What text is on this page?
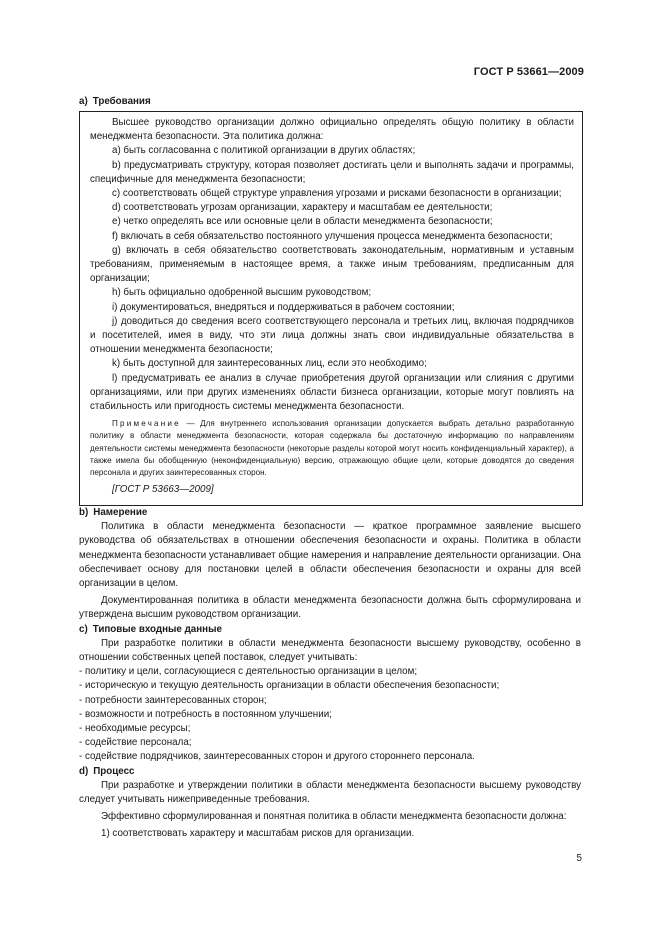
ГОСТ Р 53661—2009
а) Требования

Высшее руководство организации должно официально определять общую политику в области менеджмента безопасности. Эта политика должна:

а) быть согласованна с политикой организации в других областях;

b) предусматривать структуру, которая позволяет достигать цели и выполнять задачи и программы, специфичные для менеджмента безопасности;

с) соответствовать общей структуре управления угрозами и рисками безопасности в организации;

d) соответствовать угрозам организации, характеру и масштабам ее деятельности;

е) четко определять все или основные цели в области менеджмента безопасности;

f) включать в себя обязательство постоянного улучшения процесса менеджмента безопасности;

g) включать в себя обязательство соответствовать законодательным, нормативным и уставным требованиям, применяемым в настоящее время, а также иным требованиям, предписанным для организации;

h) быть официально одобренной высшим руководством;

i) документироваться, внедряться и поддерживаться в рабочем состоянии;

j) доводиться до сведения всего соответствующего персонала и третьих лиц, включая подрядчиков и посетителей, имея в виду, что эти лица должны знать свои индивидуальные обязательства в отношении менеджмента безопасности;

k) быть доступной для заинтересованных лиц, если это необходимо;

l) предусматривать ее анализ в случае приобретения другой организации или слияния с другими организациями, или при других изменениях области бизнеса организации, которые могут повлиять на стабильность или пригодность системы менеджмента безопасности.

Примечание — Для внутреннего использования организации допускается выбрать детально разработанную политику в области менеджмента безопасности, которая содержала бы достаточную информацию по направлениям деятельности системы менеджмента безопасности (некоторые разделы которой могут носить конфиденциальный характер), а также имела бы обобщенную (неконфиденциальную) версию, отражающую общие цели, которые доводятся до сведения персонала и других заинтересованных сторон.

[ГОСТ Р 53663—2009]

b) Намерение

Политика в области менеджмента безопасности — краткое программное заявление высшего руководства об обязательствах в отношении обеспечения безопасности и охраны. Политика в области менеджмента безопасности устанавливает общие намерения и направление деятельности организации. Она обеспечивает основу для постановки целей в области обеспечения безопасности и охраны для всей организации в целом.

Документированная политика в области менеджмента безопасности должна быть сформулирована и утверждена высшим руководством организации.

с) Типовые входные данные

При разработке политики в области менеджмента безопасности высшему руководству, особенно в отношении собственных цепей поставок, следует учитывать:

- политику и цели, согласующиеся с деятельностью организации в целом;

- историческую и текущую деятельность организации в области обеспечения безопасности;

- потребности заинтересованных сторон;

- возможности и потребность в постоянном улучшении;

- необходимые ресурсы;

- содействие персонала;

- содействие подрядчиков, заинтересованных сторон и другого стороннего персонала.

d) Процесс

При разработке и утверждении политики в области менеджмента безопасности высшему руководству следует учитывать нижеприведенные требования.

Эффективно сформулированная и понятная политика в области менеджмента безопасности должна:

1) соответствовать характеру и масштабам рисков для организации.

5
